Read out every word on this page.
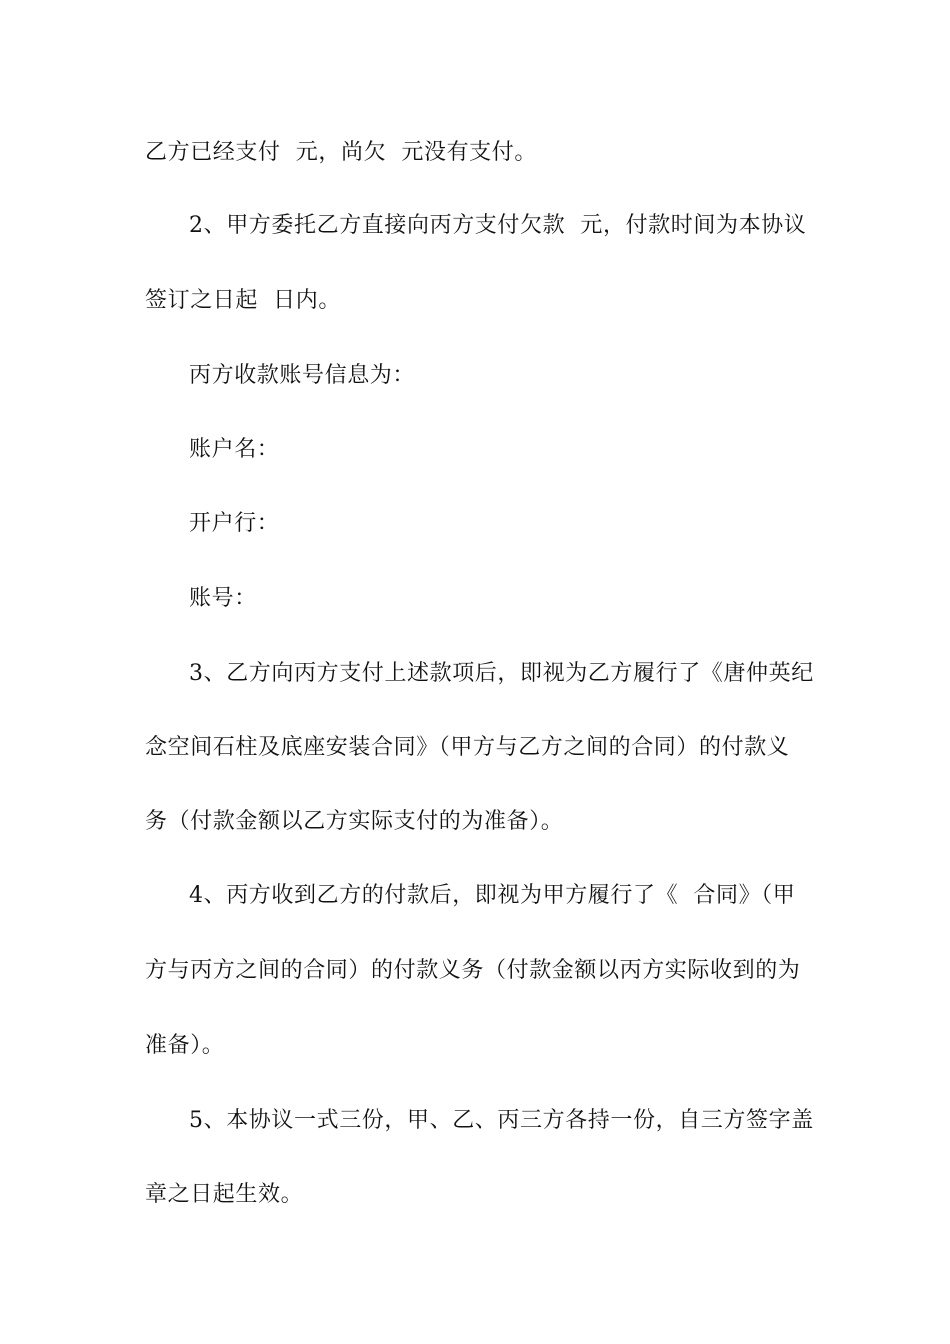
乙方已经支付  元，尚欠  元没有支付。
2、甲方委托乙方直接向丙方支付欠款  元，付款时间为本协议
签订之日起  日内。
丙方收款账号信息为：
账户名：
开户行：
账号：
3、乙方向丙方支付上述款项后，即视为乙方履行了《唐仲英纪
念空间石柱及底座安装合同》（甲方与乙方之间的合同）的付款义
务（付款金额以乙方实际支付的为准备）。
4、丙方收到乙方的付款后，即视为甲方履行了《  合同》（甲
方与丙方之间的合同）的付款义务（付款金额以丙方实际收到的为
准备）。
5、本协议一式三份，甲、乙、丙三方各持一份，自三方签字盖
章之日起生效。
